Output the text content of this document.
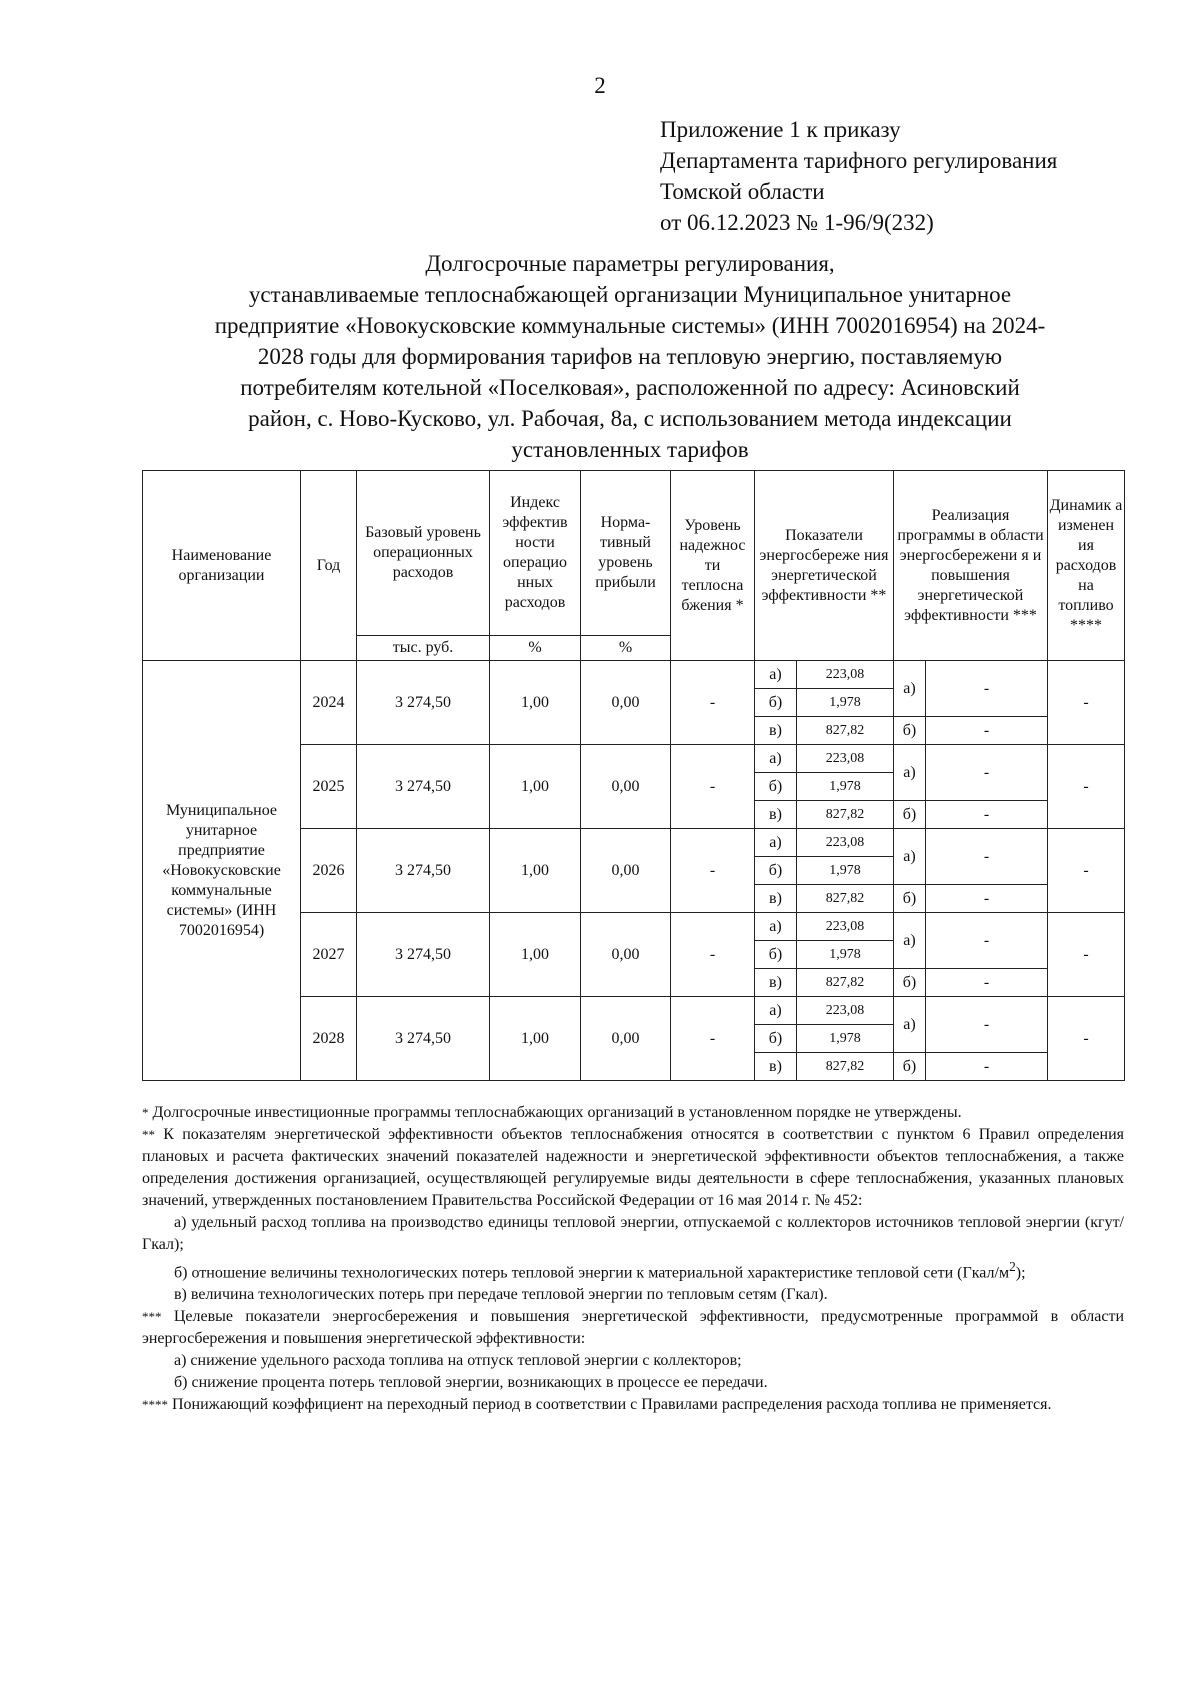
2
Приложение 1 к приказу
Департамента тарифного регулирования
Томской области
от 06.12.2023 № 1-96/9(232)
Долгосрочные параметры регулирования,
устанавливаемые теплоснабжающей организации Муниципальное унитарное
предприятие «Новокусковские коммунальные системы» (ИНН 7002016954) на 2024-
2028 годы для формирования тарифов на тепловую энергию, поставляемую
потребителям котельной «Поселковая», расположенной по адресу: Асиновский
район, с. Ново-Кусково, ул. Рабочая, 8а, с использованием метода индексации
установленных тарифов
Наименование организации	Год	Базовый уровень операционных расходов	Индекс эффектив ности операцио нных расходов	Норма- тивный уровень прибыли	Уровень надежнос ти теплосна бжения *	Показатели энергосбереже ния энергетической эффективности **		Реализация программы в области энергосбережени я и повышения энергетической эффективности ***		Динамик а изменен ия расходов на топливо ****
		тыс. руб.	%	%						
Муниципальное унитарное предприятие «Новокусковские коммунальные системы» (ИНН 7002016954)	2024	3 274,50	1,00	0,00	-	а)	223,08	а)	-	-
						б)	1,978			
						в)	827,82	б)	-	
	2025	3 274,50	1,00	0,00	-	а)	223,08	а)	-	-
						б)	1,978			
						в)	827,82	б)	-	
	2026	3 274,50	1,00	0,00	-	а)	223,08	а)	-	-
						б)	1,978			
						в)	827,82	б)	-	
	2027	3 274,50	1,00	0,00	-	а)	223,08	а)	-	-
						б)	1,978			
						в)	827,82	б)	-	
	2028	3 274,50	1,00	0,00	-	а)	223,08	а)	-	-
						б)	1,978			
						в)	827,82	б)	-	

* Долгосрочные инвестиционные программы теплоснабжающих организаций в установленном порядке не утверждены.

** К показателям энергетической эффективности объектов теплоснабжения относятся в соответствии с пунктом 6 Правил определения плановых и расчета фактических значений показателей надежности и энергетической эффективности объектов теплоснабжения, а также определения достижения организацией, осуществляющей регулируемые виды деятельности в сфере теплоснабжения, указанных плановых значений, утвержденных постановлением Правительства Российской Федерации от 16 мая 2014 г. № 452:

а) удельный расход топлива на производство единицы тепловой энергии, отпускаемой с коллекторов источников тепловой энергии (кгут/Гкал);

б) отношение величины технологических потерь тепловой энергии к материальной характеристике тепловой сети $(Гкал/м^2)$;

в) величина технологических потерь при передаче тепловой энергии по тепловым сетям (Гкал).

*** Целевые показатели энергосбережения и повышения энергетической эффективности, предусмотренные программой в области энергосбережения и повышения энергетической эффективности:

а) снижение удельного расхода топлива на отпуск тепловой энергии с коллекторов;

б) снижение процента потерь тепловой энергии, возникающих в процессе ее передачи.

**** Понижающий коэффициент на переходный период в соответствии с Правилами распределения расхода топлива не применяется.
